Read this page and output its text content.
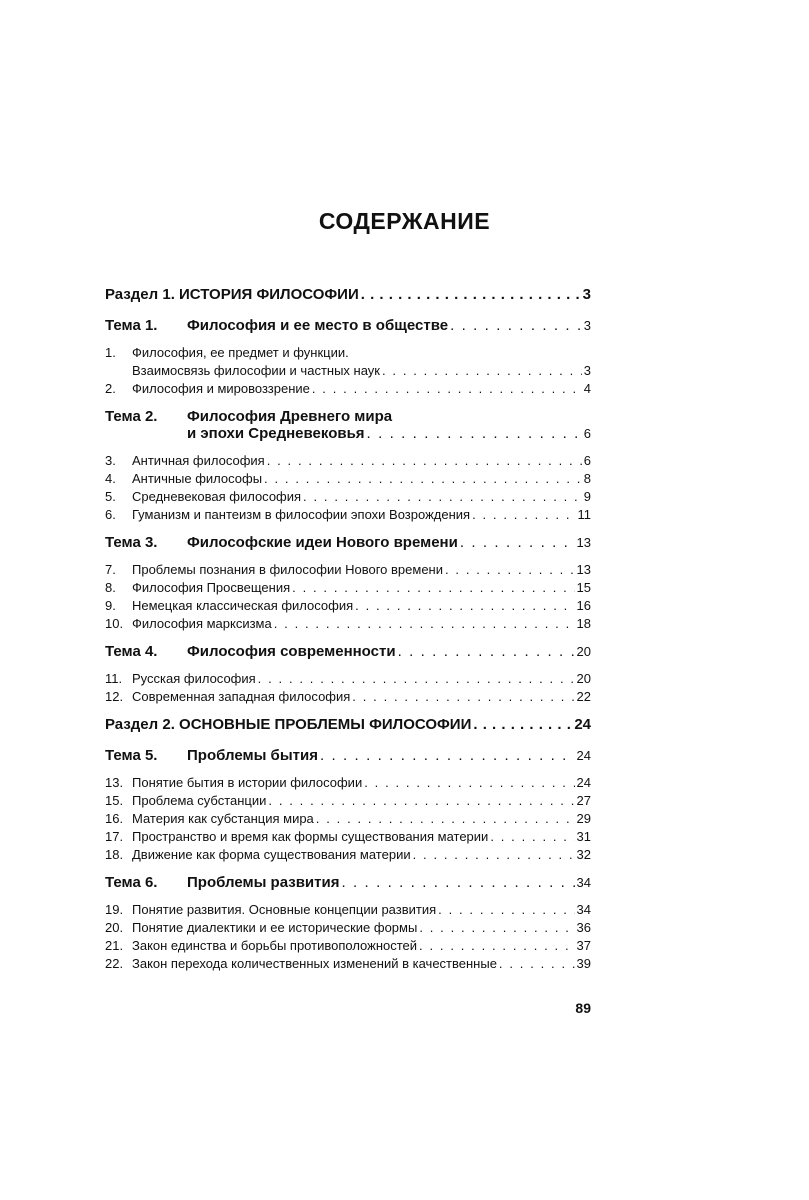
СОДЕРЖАНИЕ
Раздел 1. ИСТОРИЯ ФИЛОСОФИИ . . .	3
Тема 1.	Философия и ее место в обществе . . .	3
1.	Философия, ее предмет и функции.
Взаимосвязь философии и частных наук . . .	3
2.	Философия и мировоззрение . . .	4
Тема 2.	Философия Древнего мира
и эпохи Средневековья . . .	6
3.	Античная философия . . .	6
4.	Античные философы . . .	8
5.	Средневековая философия . . .	9
6.	Гуманизм и пантеизм в философии эпохи Возрождения . . .	11
Тема 3.	Философские идеи Нового времени . . .	13
7.	Проблемы познания в философии Нового времени . . .	13
8.	Философия Просвещения . . .	15
9.	Немецкая классическая философия . . .	16
10. Философия марксизма . . .	18
Тема 4.	Философия современности . . .	20
11. Русская философия . . .	20
12. Современная западная философия . . .	22
Раздел 2. ОСНОВНЫЕ ПРОБЛЕМЫ ФИЛОСОФИИ . . .	24
Тема 5.	Проблемы бытия . . .	24
13. Понятие бытия в истории философии . . .	24
15. Проблема субстанции . . .	27
16. Материя как субстанция мира . . .	29
17. Пространство и время как формы существования материи . . .	31
18. Движение как форма существования материи . . .	32
Тема 6.	Проблемы развития . . .	34
19. Понятие развития. Основные концепции развития . . .	34
20. Понятие диалектики и ее исторические формы . . .	36
21. Закон единства и борьбы противоположностей . . .	37
22. Закон перехода количественных изменений в качественные . . .	39
89
